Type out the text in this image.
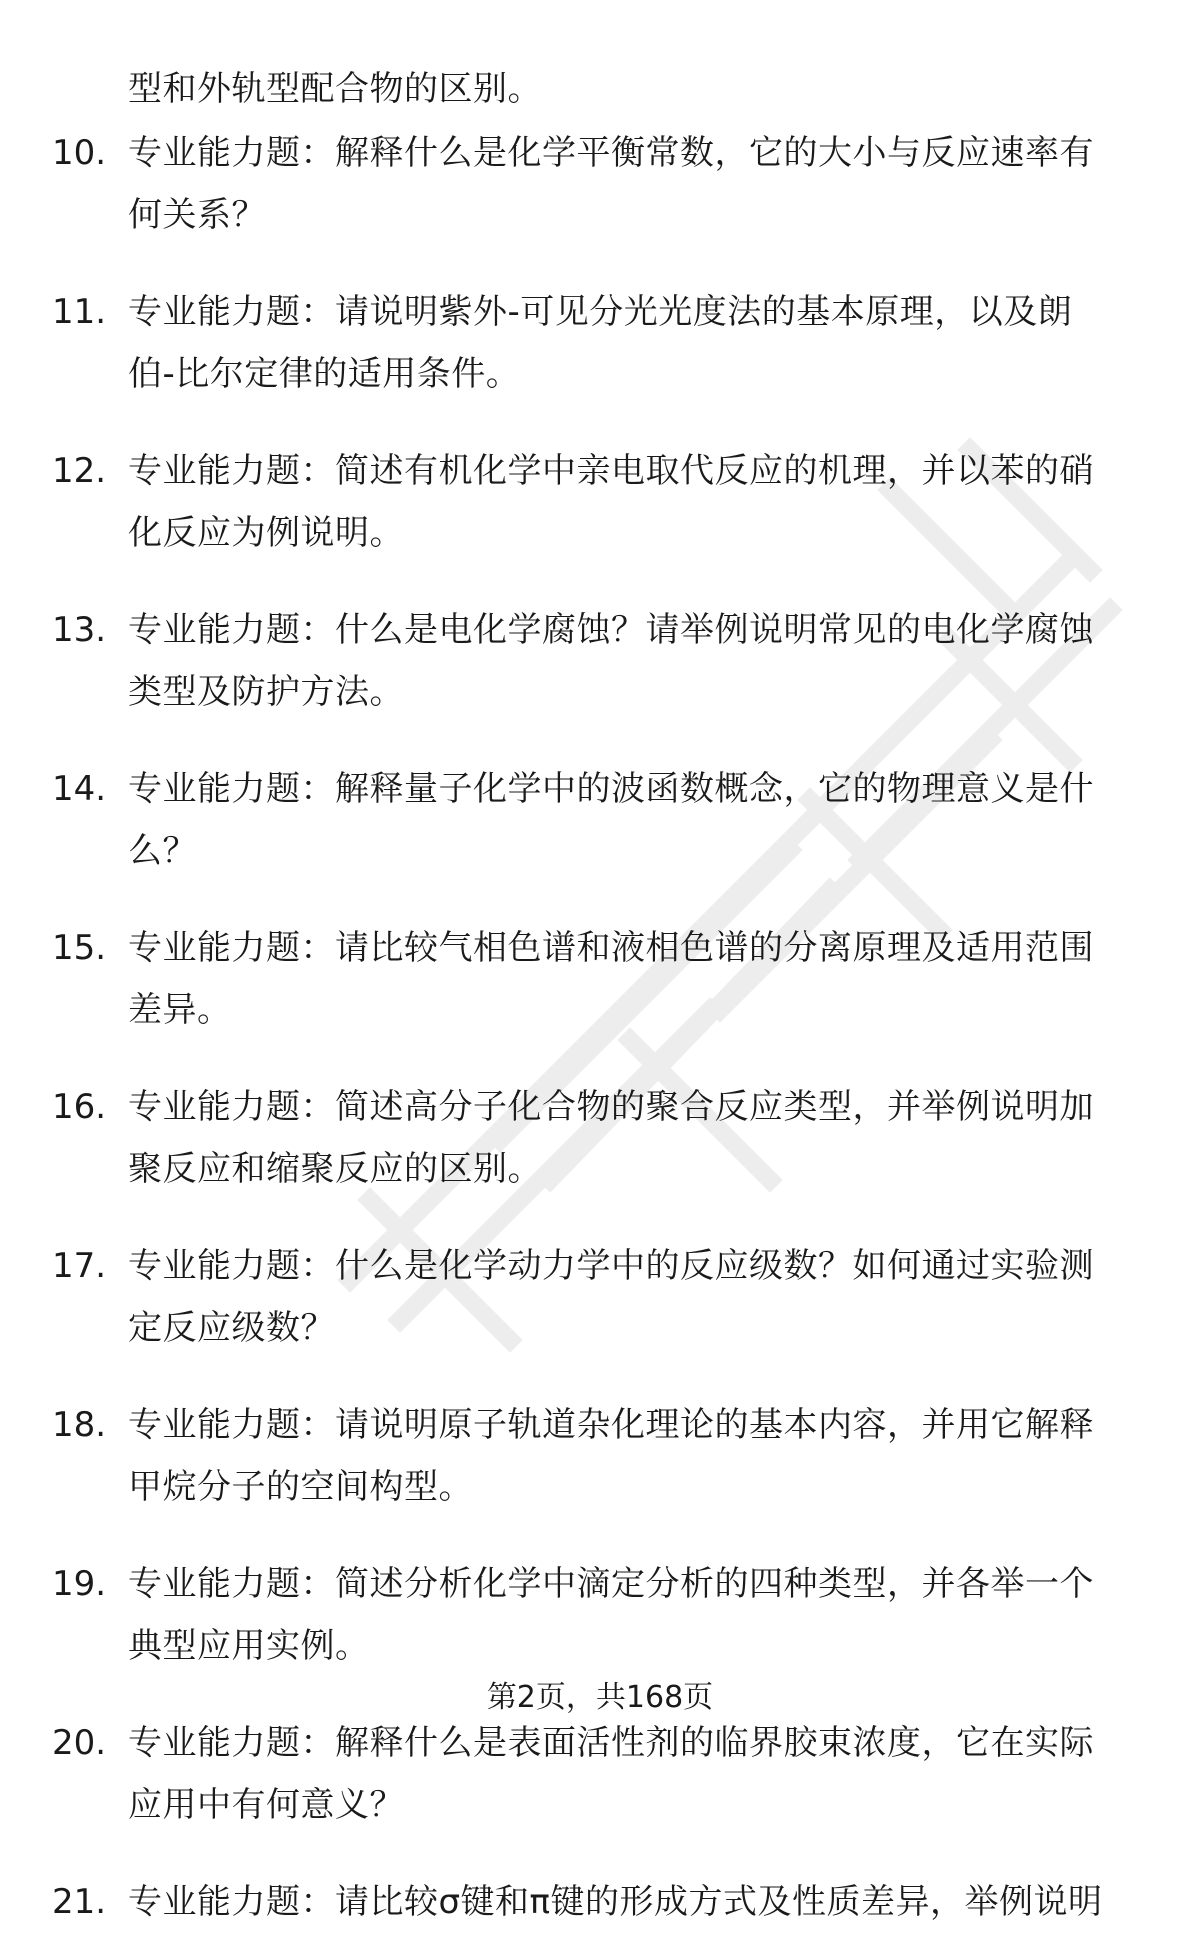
型和外轨型配合物的区别。
10. 专业能力题：解释什么是化学平衡常数，它的大小与反应速率有
何关系？
11. 专业能力题：请说明紫外-可见分光光度法的基本原理，以及朗
伯-比尔定律的适用条件。
12. 专业能力题：简述有机化学中亲电取代反应的机理，并以苯的硝
化反应为例说明。
13. 专业能力题：什么是电化学腐蚀？请举例说明常见的电化学腐蚀
类型及防护方法。
14. 专业能力题：解释量子化学中的波函数概念，它的物理意义是什
么？
15. 专业能力题：请比较气相色谱和液相色谱的分离原理及适用范围
差异。
16. 专业能力题：简述高分子化合物的聚合反应类型，并举例说明加
聚反应和缩聚反应的区别。
17. 专业能力题：什么是化学动力学中的反应级数？如何通过实验测
定反应级数？
18. 专业能力题：请说明原子轨道杂化理论的基本内容，并用它解释
甲烷分子的空间构型。
19. 专业能力题：简述分析化学中滴定分析的四种类型，并各举一个
典型应用实例。
20. 专业能力题：解释什么是表面活性剂的临界胶束浓度，它在实际
应用中有何意义？
21. 专业能力题：请比较σ键和π键的形成方式及性质差异，举例说明
第2页，共168页
